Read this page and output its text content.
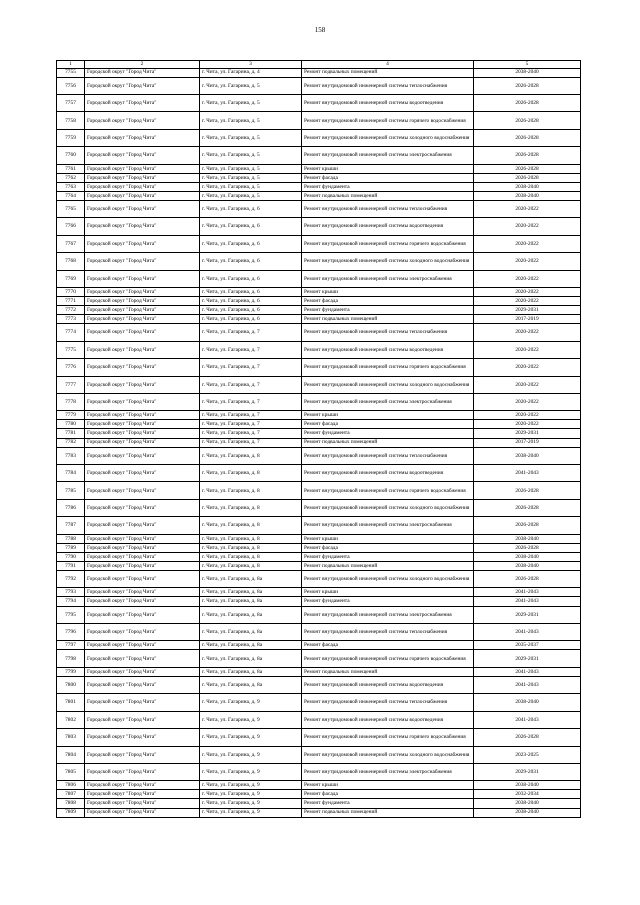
158
1	2	3	4	5
7755	Городской округ "Город Чита"	г. Чита, ул. Гагарина, д. 4	Ремонт подвальных помещений	2038-2040
7756	Городской округ "Город Чита"	г. Чита, ул. Гагарина, д. 5	Ремонт внутридомовой инженерной системы теплоснабжения	2026-2028
7757	Городской округ "Город Чита"	г. Чита, ул. Гагарина, д. 5	Ремонт внутридомовой инженерной системы водоотведения	2026-2028
7758	Городской округ "Город Чита"	г. Чита, ул. Гагарина, д. 5	Ремонт внутридомовой инженерной системы горячего водоснабжения	2026-2028
7759	Городской округ "Город Чита"	г. Чита, ул. Гагарина, д. 5	Ремонт внутридомовой инженерной системы холодного водоснабжения	2026-2028
7760	Городской округ "Город Чита"	г. Чита, ул. Гагарина, д. 5	Ремонт внутридомовой инженерной системы электроснабжения	2026-2028
7761	Городской округ "Город Чита"	г. Чита, ул. Гагарина, д. 5	Ремонт крыши	2026-2028
7762	Городской округ "Город Чита"	г. Чита, ул. Гагарина, д. 5	Ремонт фасада	2026-2028
7763	Городской округ "Город Чита"	г. Чита, ул. Гагарина, д. 5	Ремонт фундамента	2038-2040
7764	Городской округ "Город Чита"	г. Чита, ул. Гагарина, д. 5	Ремонт подвальных помещений	2038-2040
7765	Городской округ "Город Чита"	г. Чита, ул. Гагарина, д. 6	Ремонт внутридомовой инженерной системы теплоснабжения	2020-2022
7766	Городской округ "Город Чита"	г. Чита, ул. Гагарина, д. 6	Ремонт внутридомовой инженерной системы водоотведения	2020-2022
7767	Городской округ "Город Чита"	г. Чита, ул. Гагарина, д. 6	Ремонт внутридомовой инженерной системы горячего водоснабжения	2020-2022
7768	Городской округ "Город Чита"	г. Чита, ул. Гагарина, д. 6	Ремонт внутридомовой инженерной системы холодного водоснабжения	2020-2022
7769	Городской округ "Город Чита"	г. Чита, ул. Гагарина, д. 6	Ремонт внутридомовой инженерной системы электроснабжения	2020-2022
7770	Городской округ "Город Чита"	г. Чита, ул. Гагарина, д. 6	Ремонт крыши	2020-2022
7771	Городской округ "Город Чита"	г. Чита, ул. Гагарина, д. 6	Ремонт фасада	2020-2022
7772	Городской округ "Город Чита"	г. Чита, ул. Гагарина, д. 6	Ремонт фундамента	2029-2031
7773	Городской округ "Город Чита"	г. Чита, ул. Гагарина, д. 6	Ремонт подвальных помещений	2017-2019
7774	Городской округ "Город Чита"	г. Чита, ул. Гагарина, д. 7	Ремонт внутридомовой инженерной системы теплоснабжения	2020-2022
7775	Городской округ "Город Чита"	г. Чита, ул. Гагарина, д. 7	Ремонт внутридомовой инженерной системы водоотведения	2020-2022
7776	Городской округ "Город Чита"	г. Чита, ул. Гагарина, д. 7	Ремонт внутридомовой инженерной системы горячего водоснабжения	2020-2022
7777	Городской округ "Город Чита"	г. Чита, ул. Гагарина, д. 7	Ремонт внутридомовой инженерной системы холодного водоснабжения	2020-2022
7778	Городской округ "Город Чита"	г. Чита, ул. Гагарина, д. 7	Ремонт внутридомовой инженерной системы электроснабжения	2020-2022
7779	Городской округ "Город Чита"	г. Чита, ул. Гагарина, д. 7	Ремонт крыши	2020-2022
7780	Городской округ "Город Чита"	г. Чита, ул. Гагарина, д. 7	Ремонт фасада	2020-2022
7781	Городской округ "Город Чита"	г. Чита, ул. Гагарина, д. 7	Ремонт фундамента	2029-2031
7782	Городской округ "Город Чита"	г. Чита, ул. Гагарина, д. 7	Ремонт подвальных помещений	2017-2019
7783	Городской округ "Город Чита"	г. Чита, ул. Гагарина, д. 8	Ремонт внутридомовой инженерной системы теплоснабжения	2038-2040
7784	Городской округ "Город Чита"	г. Чита, ул. Гагарина, д. 8	Ремонт внутридомовой инженерной системы водоотведения	2041-2043
7785	Городской округ "Город Чита"	г. Чита, ул. Гагарина, д. 8	Ремонт внутридомовой инженерной системы горячего водоснабжения	2026-2028
7786	Городской округ "Город Чита"	г. Чита, ул. Гагарина, д. 8	Ремонт внутридомовой инженерной системы холодного водоснабжения	2026-2028
7787	Городской округ "Город Чита"	г. Чита, ул. Гагарина, д. 8	Ремонт внутридомовой инженерной системы электроснабжения	2026-2028
7788	Городской округ "Город Чита"	г. Чита, ул. Гагарина, д. 8	Ремонт крыши	2038-2040
7789	Городской округ "Город Чита"	г. Чита, ул. Гагарина, д. 8	Ремонт фасада	2026-2028
7790	Городской округ "Город Чита"	г. Чита, ул. Гагарина, д. 8	Ремонт фундамента	2038-2040
7791	Городской округ "Город Чита"	г. Чита, ул. Гагарина, д. 8	Ремонт подвальных помещений	2038-2040
7792	Городской округ "Город Чита"	г. Чита, ул. Гагарина, д. 8а	Ремонт внутридомовой инженерной системы холодного водоснабжения	2026-2028
7793	Городской округ "Город Чита"	г. Чита, ул. Гагарина, д. 8а	Ремонт крыши	2041-2043
7794	Городской округ "Город Чита"	г. Чита, ул. Гагарина, д. 8а	Ремонт фундамента	2041-2043
7795	Городской округ "Город Чита"	г. Чита, ул. Гагарина, д. 8а	Ремонт внутридомовой инженерной системы электроснабжения	2029-2031
7796	Городской округ "Город Чита"	г. Чита, ул. Гагарина, д. 8а	Ремонт внутридомовой инженерной системы теплоснабжения	2041-2043
7797	Городской округ "Город Чита"	г. Чита, ул. Гагарина, д. 8а	Ремонт фасада	2035-2037
7798	Городской округ "Город Чита"	г. Чита, ул. Гагарина, д. 8а	Ремонт внутридомовой инженерной системы горячего водоснабжения	2029-2031
7799	Городской округ "Город Чита"	г. Чита, ул. Гагарина, д. 8а	Ремонт подвальных помещений	2041-2043
7800	Городской округ "Город Чита"	г. Чита, ул. Гагарина, д. 8а	Ремонт внутридомовой инженерной системы водоотведения	2041-2043
7801	Городской округ "Город Чита"	г. Чита, ул. Гагарина, д. 9	Ремонт внутридомовой инженерной системы теплоснабжения	2038-2040
7802	Городской округ "Город Чита"	г. Чита, ул. Гагарина, д. 9	Ремонт внутридомовой инженерной системы водоотведения	2041-2043
7803	Городской округ "Город Чита"	г. Чита, ул. Гагарина, д. 9	Ремонт внутридомовой инженерной системы горячего водоснабжения	2026-2028
7804	Городской округ "Город Чита"	г. Чита, ул. Гагарина, д. 9	Ремонт внутридомовой инженерной системы холодного водоснабжения	2023-2025
7805	Городской округ "Город Чита"	г. Чита, ул. Гагарина, д. 9	Ремонт внутридомовой инженерной системы электроснабжения	2029-2031
7806	Городской округ "Город Чита"	г. Чита, ул. Гагарина, д. 9	Ремонт крыши	2038-2040
7807	Городской округ "Город Чита"	г. Чита, ул. Гагарина, д. 9	Ремонт фасада	2032-2034
7808	Городской округ "Город Чита"	г. Чита, ул. Гагарина, д. 9	Ремонт фундамента	2038-2040
7809	Городской округ "Город Чита"	г. Чита, ул. Гагарина, д. 9	Ремонт подвальных помещений	2038-2040
